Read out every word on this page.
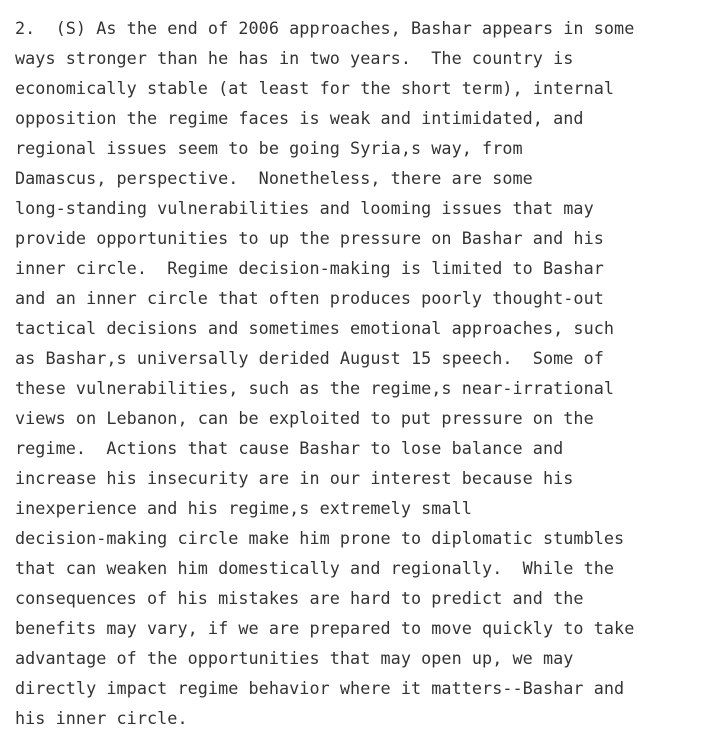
2.  (S) As the end of 2006 approaches, Bashar appears in some
ways stronger than he has in two years.  The country is
economically stable (at least for the short term), internal
opposition the regime faces is weak and intimidated, and
regional issues seem to be going Syria,s way, from
Damascus, perspective.  Nonetheless, there are some
long-standing vulnerabilities and looming issues that may
provide opportunities to up the pressure on Bashar and his
inner circle.  Regime decision-making is limited to Bashar
and an inner circle that often produces poorly thought-out
tactical decisions and sometimes emotional approaches, such
as Bashar,s universally derided August 15 speech.  Some of
these vulnerabilities, such as the regime,s near-irrational
views on Lebanon, can be exploited to put pressure on the
regime.  Actions that cause Bashar to lose balance and
increase his insecurity are in our interest because his
inexperience and his regime,s extremely small
decision-making circle make him prone to diplomatic stumbles
that can weaken him domestically and regionally.  While the
consequences of his mistakes are hard to predict and the
benefits may vary, if we are prepared to move quickly to take
advantage of the opportunities that may open up, we may
directly impact regime behavior where it matters--Bashar and
his inner circle.
